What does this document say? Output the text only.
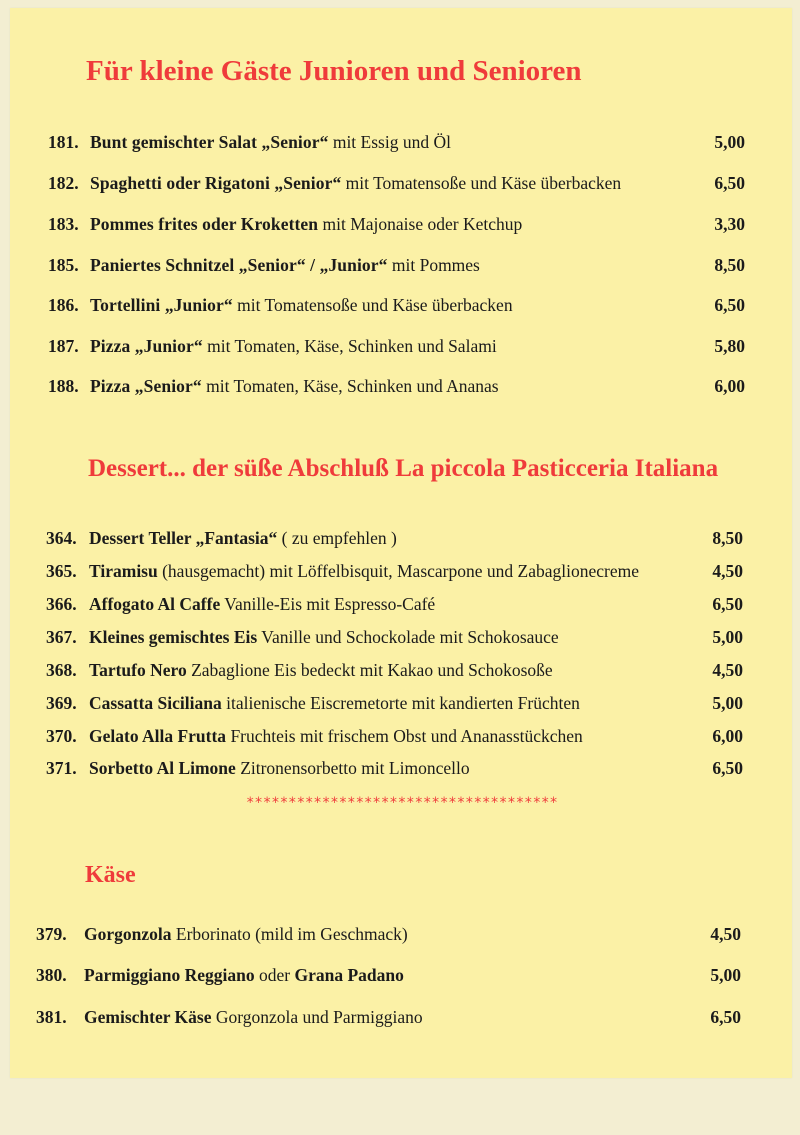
Für kleine Gäste Junioren und Senioren
181. Bunt gemischter Salat „Senior“ mit Essig und Öl	5,00
182. Spaghetti oder Rigatoni „Senior“ mit Tomatensoße und Käse überbacken	6,50
183. Pommes frites oder Kroketten mit Majonaise oder Ketchup	3,30
185. Paniertes Schnitzel „Senior“ / „Junior“ mit Pommes	8,50
186. Tortellini „Junior“ mit Tomatensoße und Käse überbacken	6,50
187. Pizza „Junior“ mit Tomaten, Käse, Schinken und Salami	5,80
188. Pizza „Senior“ mit Tomaten, Käse, Schinken und Ananas	6,00
Dessert... der süße Abschluß La piccola Pasticceria Italiana
364. Dessert Teller „Fantasia“ ( zu empfehlen )	8,50
365. Tiramisu (hausgemacht) mit Löffelbisquit, Mascarpone und Zabaglionecreme	4,50
366. Affogato Al Caffe Vanille-Eis mit Espresso-Café	6,50
367. Kleines gemischtes Eis Vanille und Schockolade mit Schokosauce	5,00
368. Tartufo Nero Zabaglione Eis bedeckt mit Kakao und Schokosoße	4,50
369. Cassatta Siciliana italienische Eiscremetorte mit kandierten Früchten	5,00
370. Gelato Alla Frutta Fruchteis mit frischem Obst und Ananasstückchen	6,00
371. Sorbetto Al Limone Zitronensorbetto mit Limoncello	6,50
*************************************
Käse
379. Gorgonzola Erborinato (mild im Geschmack)	4,50
380. Parmiggiano Reggiano oder Grana Padano	5,00
381. Gemischter Käse Gorgonzola und Parmiggiano	6,50
